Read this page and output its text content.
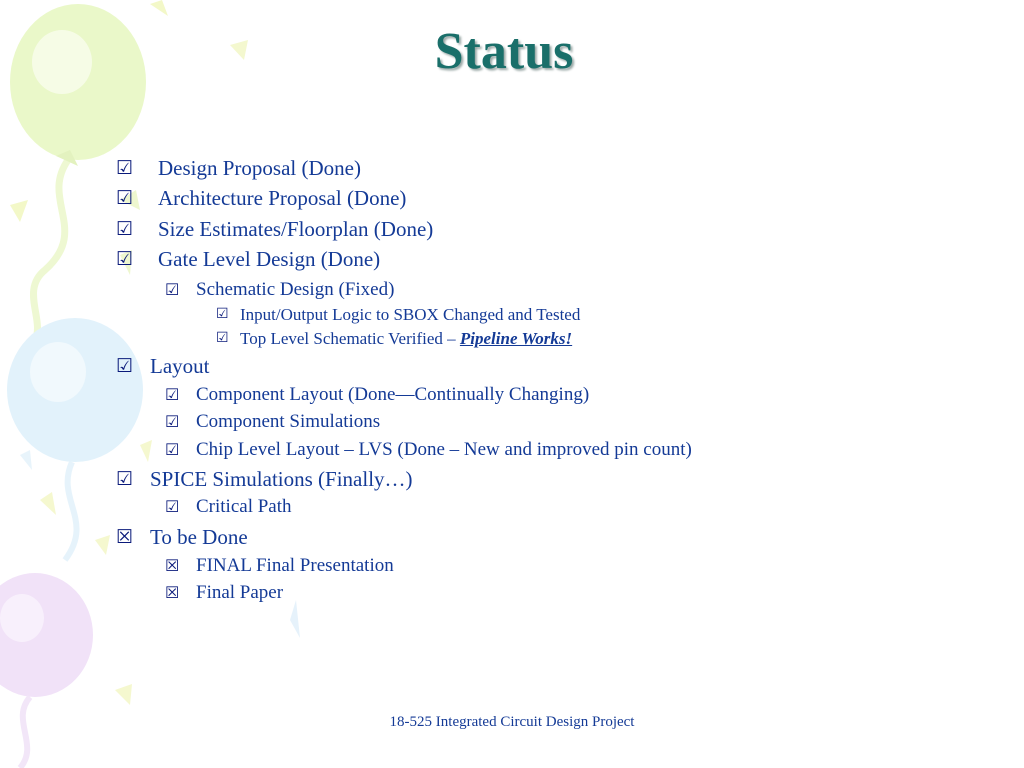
Status
☑ Design Proposal (Done)
☑ Architecture Proposal (Done)
☑ Size Estimates/Floorplan (Done)
☑ Gate Level Design (Done)
☑ Schematic Design (Fixed)
☑ Input/Output Logic to SBOX Changed and Tested
☑ Top Level Schematic Verified – Pipeline Works!
☑ Layout
☑ Component Layout (Done—Continually Changing)
☑ Component Simulations
☑ Chip Level Layout – LVS (Done – New and improved pin count)
☑ SPICE Simulations (Finally…)
☑ Critical Path
☒ To be Done
☒ FINAL Final Presentation
☒ Final Paper
18-525 Integrated Circuit Design Project
